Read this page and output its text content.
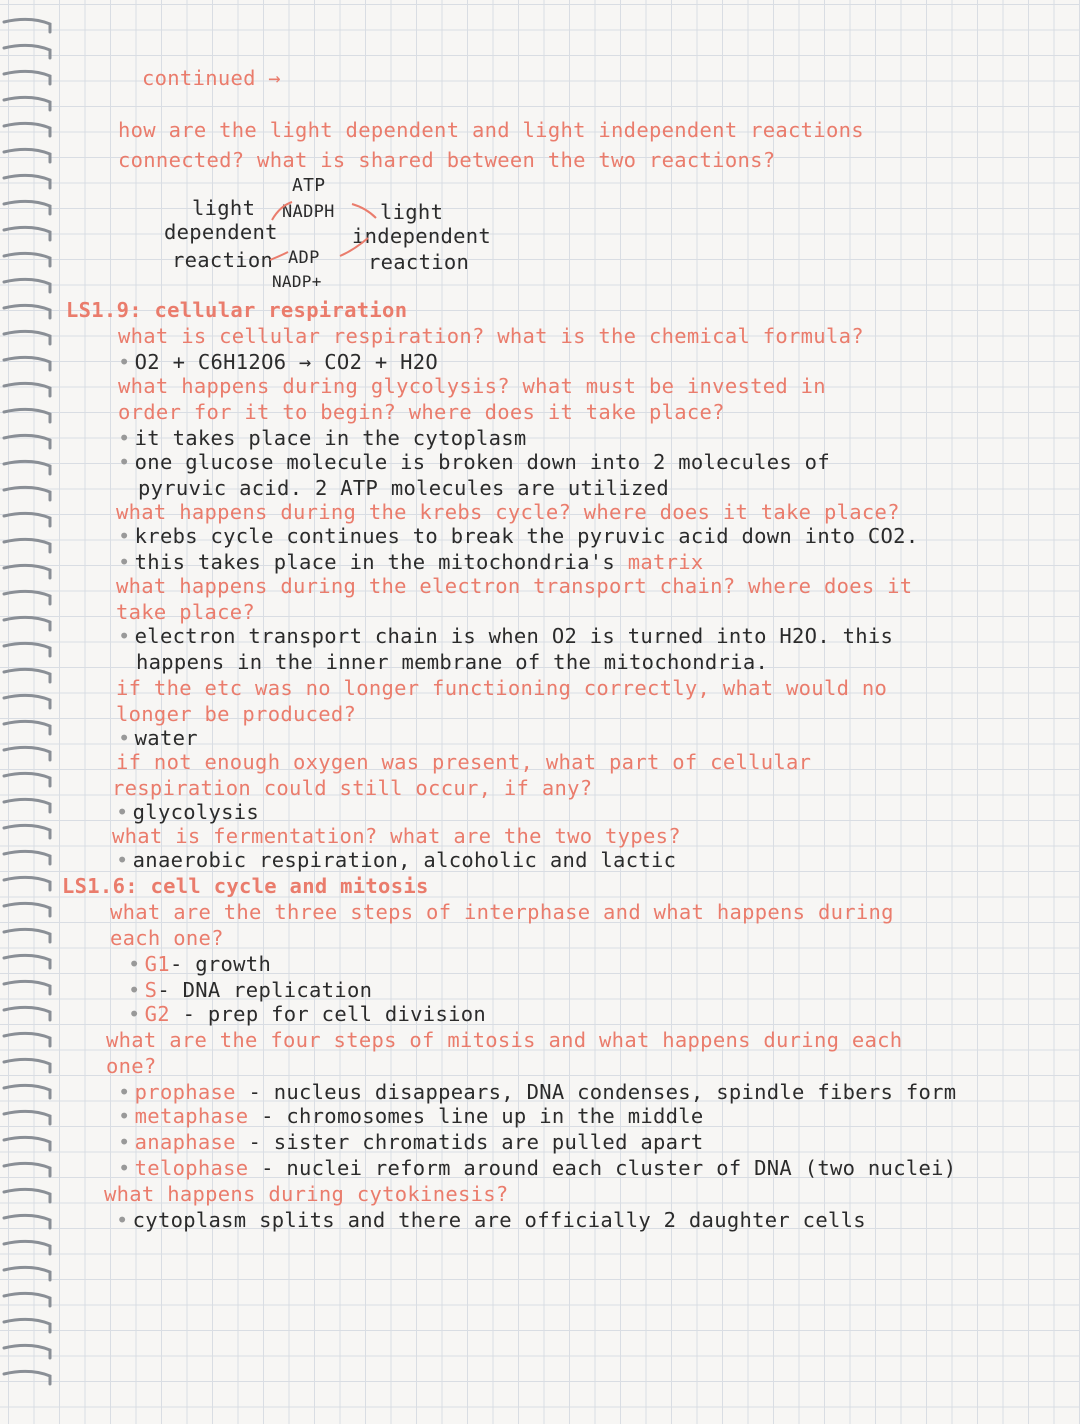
continued →
how are the light dependent and light independent reactions
connected? what is shared between the two reactions?
ATP
NADPH
ADP
NADP+
light
dependent
reaction
light
independent
reaction
LS1.9: cellular respiration
what is cellular respiration? what is the chemical formula?
• O2 + C6H12O6 → CO2 + H2O
what happens during glycolysis? what must be invested in
order for it to begin? where does it take place?
• it takes place in the cytoplasm
• one glucose molecule is broken down into 2 molecules of
pyruvic acid. 2 ATP molecules are utilized
what happens during the krebs cycle? where does it take place?
• krebs cycle continues to break the pyruvic acid down into CO2.
• this takes place in the mitochondria's matrix
what happens during the electron transport chain? where does it
take place?
• electron transport chain is when O2 is turned into H2O. this
happens in the inner membrane of the mitochondria.
if the etc was no longer functioning correctly, what would no
longer be produced?
• water
if not enough oxygen was present, what part of cellular
respiration could still occur, if any?
• glycolysis
what is fermentation? what are the two types?
• anaerobic respiration, alcoholic and lactic
LS1.6: cell cycle and mitosis
what are the three steps of interphase and what happens during
each one?
• G1- growth
• S- DNA replication
• G2 - prep for cell division
what are the four steps of mitosis and what happens during each
one?
• prophase - nucleus disappears, DNA condenses, spindle fibers form
• metaphase - chromosomes line up in the middle
• anaphase - sister chromatids are pulled apart
• telophase - nuclei reform around each cluster of DNA (two nuclei)
what happens during cytokinesis?
• cytoplasm splits and there are officially 2 daughter cells
